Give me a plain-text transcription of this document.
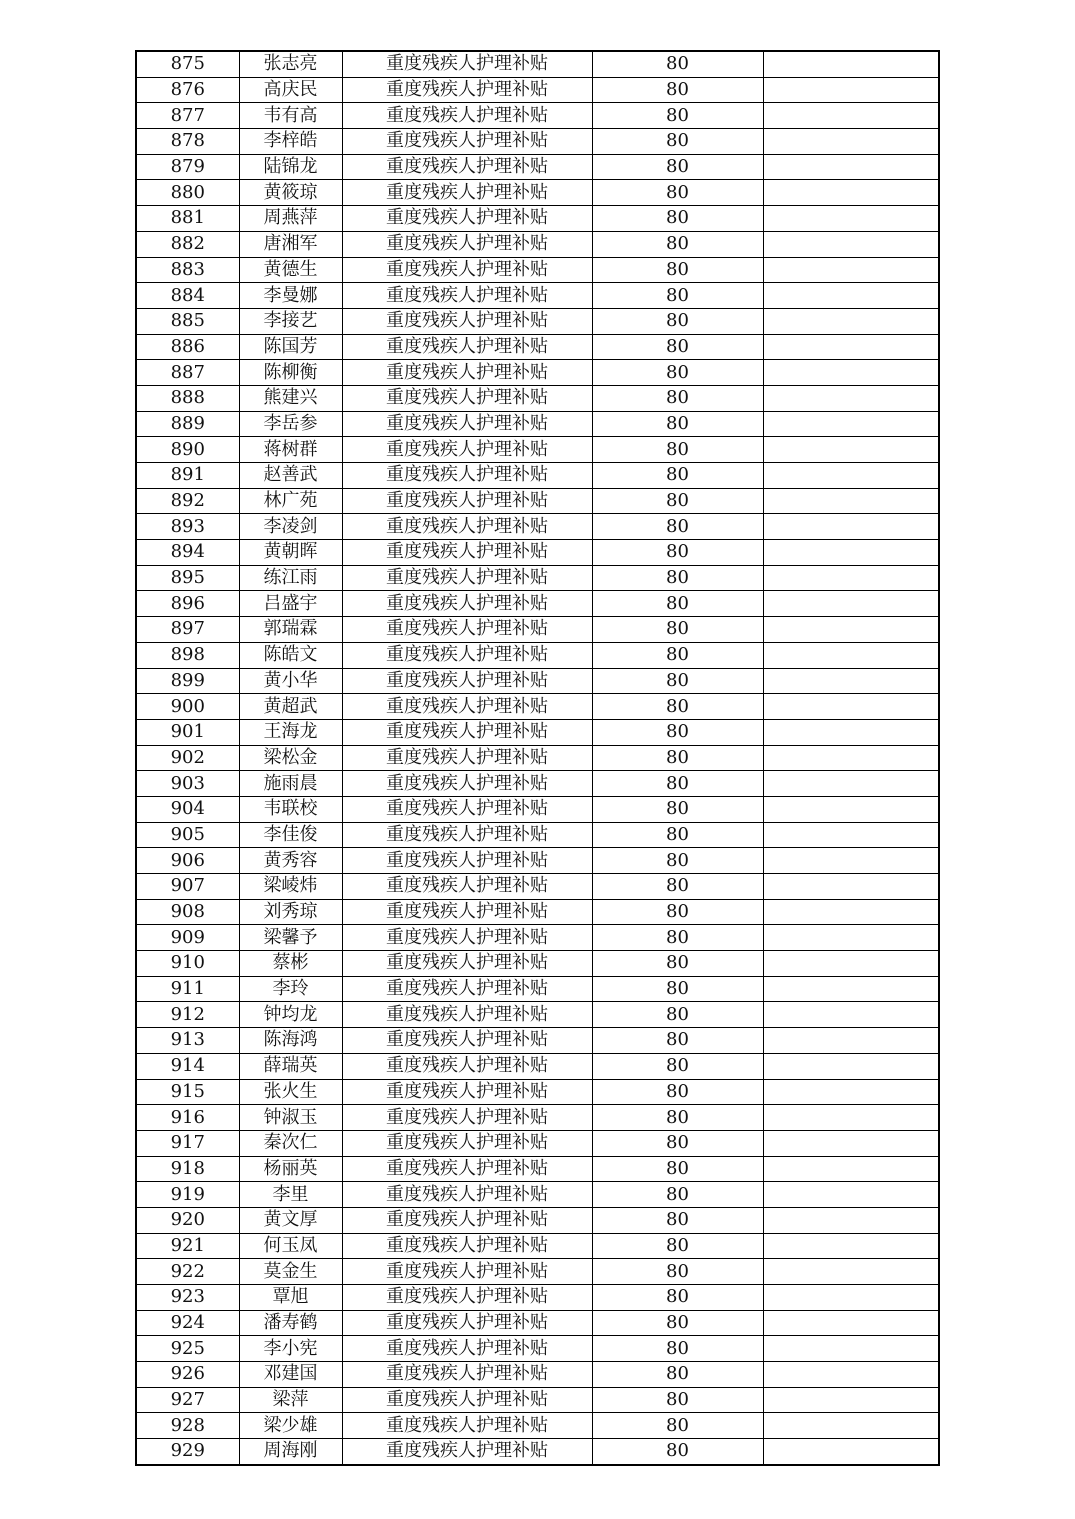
875	张志亮	重度残疾人护理补贴	80	
876	高庆民	重度残疾人护理补贴	80	
877	韦有高	重度残疾人护理补贴	80	
878	李梓皓	重度残疾人护理补贴	80	
879	陆锦龙	重度残疾人护理补贴	80	
880	黄筱琼	重度残疾人护理补贴	80	
881	周燕萍	重度残疾人护理补贴	80	
882	唐湘军	重度残疾人护理补贴	80	
883	黄德生	重度残疾人护理补贴	80	
884	李曼娜	重度残疾人护理补贴	80	
885	李接艺	重度残疾人护理补贴	80	
886	陈国芳	重度残疾人护理补贴	80	
887	陈柳衡	重度残疾人护理补贴	80	
888	熊建兴	重度残疾人护理补贴	80	
889	李岳参	重度残疾人护理补贴	80	
890	蒋树群	重度残疾人护理补贴	80	
891	赵善武	重度残疾人护理补贴	80	
892	林广苑	重度残疾人护理补贴	80	
893	李凌剑	重度残疾人护理补贴	80	
894	黄朝晖	重度残疾人护理补贴	80	
895	练江雨	重度残疾人护理补贴	80	
896	吕盛宇	重度残疾人护理补贴	80	
897	郭瑞霖	重度残疾人护理补贴	80	
898	陈皓文	重度残疾人护理补贴	80	
899	黄小华	重度残疾人护理补贴	80	
900	黄超武	重度残疾人护理补贴	80	
901	王海龙	重度残疾人护理补贴	80	
902	梁松金	重度残疾人护理补贴	80	
903	施雨晨	重度残疾人护理补贴	80	
904	韦联校	重度残疾人护理补贴	80	
905	李佳俊	重度残疾人护理补贴	80	
906	黄秀容	重度残疾人护理补贴	80	
907	梁崚炜	重度残疾人护理补贴	80	
908	刘秀琼	重度残疾人护理补贴	80	
909	梁馨予	重度残疾人护理补贴	80	
910	蔡彬	重度残疾人护理补贴	80	
911	李玲	重度残疾人护理补贴	80	
912	钟均龙	重度残疾人护理补贴	80	
913	陈海鸿	重度残疾人护理补贴	80	
914	薛瑞英	重度残疾人护理补贴	80	
915	张火生	重度残疾人护理补贴	80	
916	钟淑玉	重度残疾人护理补贴	80	
917	秦次仁	重度残疾人护理补贴	80	
918	杨丽英	重度残疾人护理补贴	80	
919	李里	重度残疾人护理补贴	80	
920	黄文厚	重度残疾人护理补贴	80	
921	何玉凤	重度残疾人护理补贴	80	
922	莫金生	重度残疾人护理补贴	80	
923	覃旭	重度残疾人护理补贴	80	
924	潘寿鹤	重度残疾人护理补贴	80	
925	李小宪	重度残疾人护理补贴	80	
926	邓建国	重度残疾人护理补贴	80	
927	梁萍	重度残疾人护理补贴	80	
928	梁少雄	重度残疾人护理补贴	80	
929	周海刚	重度残疾人护理补贴	80	
